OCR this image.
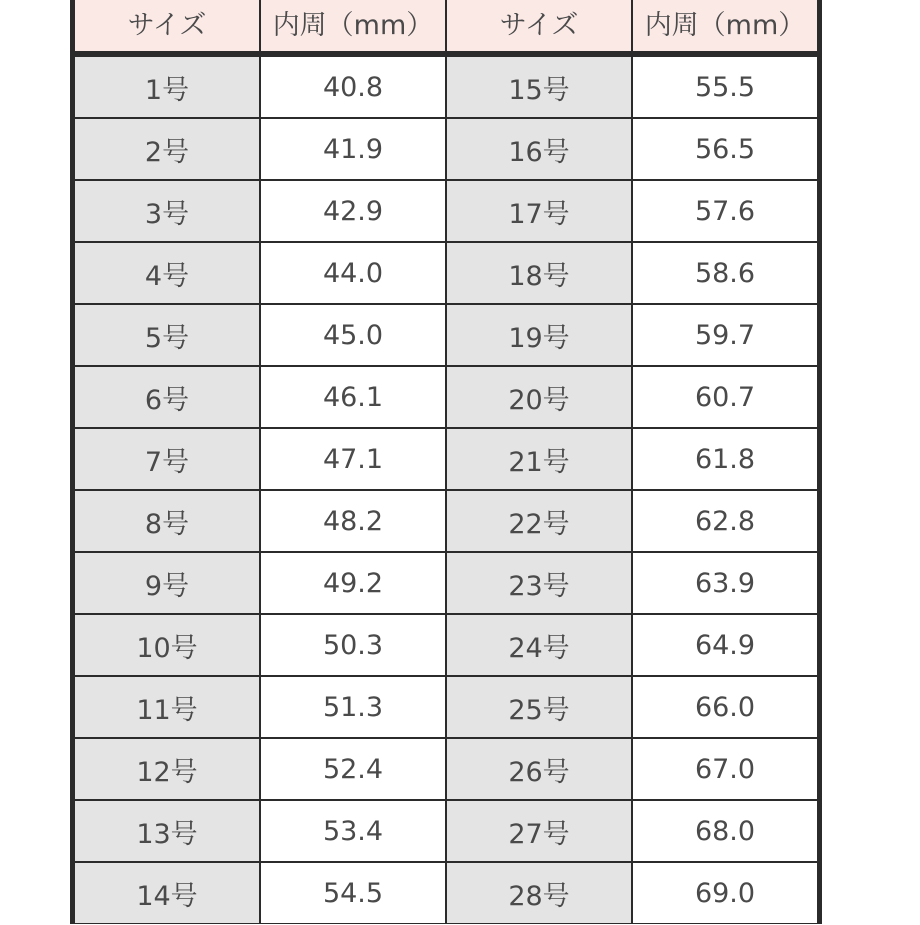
サイズ	内周（mm）	サイズ	内周（mm）

1号	40.8	15号	55.5
2号	41.9	16号	56.5
3号	42.9	17号	57.6
4号	44.0	18号	58.6
5号	45.0	19号	59.7
6号	46.1	20号	60.7
7号	47.1	21号	61.8
8号	48.2	22号	62.8
9号	49.2	23号	63.9
10号	50.3	24号	64.9
11号	51.3	25号	66.0
12号	52.4	26号	67.0
13号	53.4	27号	68.0
14号	54.5	28号	69.0
